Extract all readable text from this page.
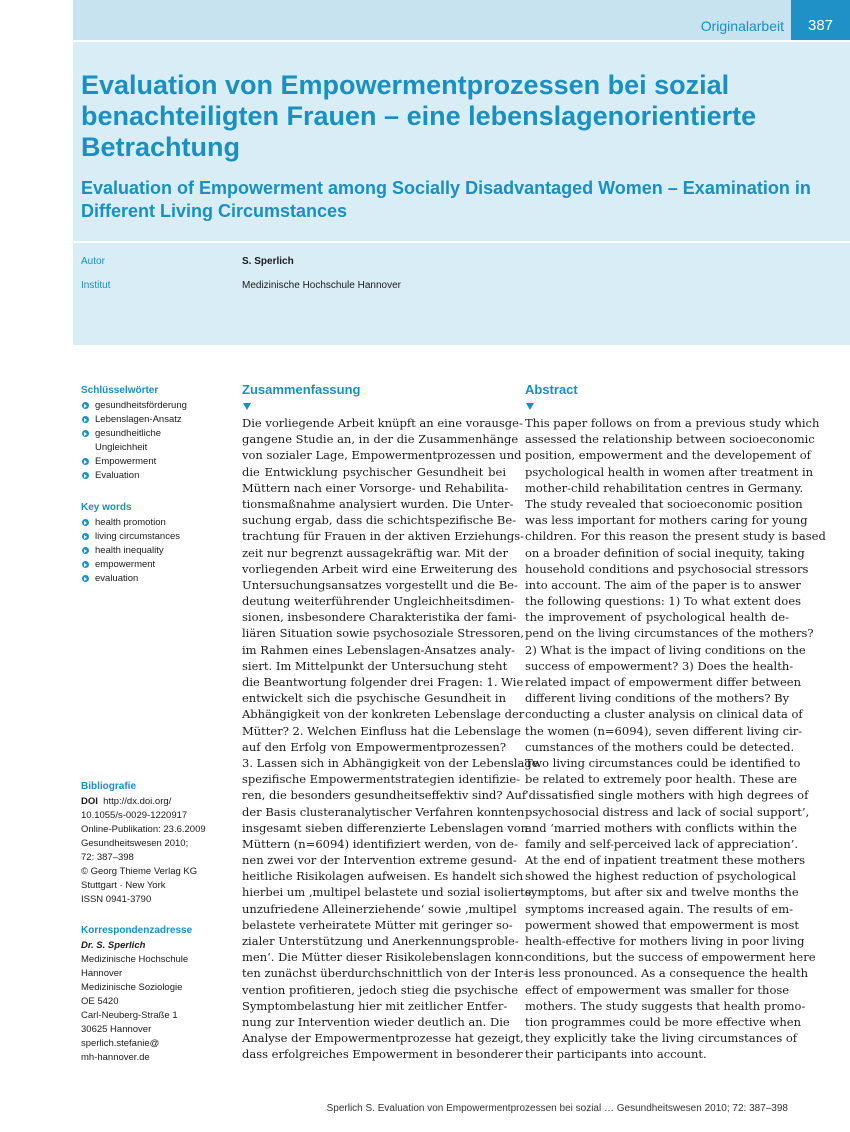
Originalarbeit	387
Evaluation von Empowermentprozessen bei sozial benachteiligten Frauen – eine lebenslagenorientierte Betrachtung
Evaluation of Empowerment among Socially Disadvantaged Women – Examination in Different Living Circumstances
Autor	S. Sperlich
Institut	Medizinische Hochschule Hannover
Schlüsselwörter
gesundheitsförderung
Lebenslagen-Ansatz
gesundheitliche
Ungleichheit
Empowerment
Evaluation
Key words
health promotion
living circumstances
health inequality
empowerment
evaluation
Bibliografie
DOI http://dx.doi.org/
10.1055/s-0029-1220917
Online-Publikation: 23.6.2009
Gesundheitswesen 2010;
72: 387–398
© Georg Thieme Verlag KG
Stuttgart · New York
ISSN 0941-3790
Korrespondenzadresse
Dr. S. Sperlich
Medizinische Hochschule
Hannover
Medizinische Soziologie
OE 5420
Carl-Neuberg-Straße 1
30625 Hannover
sperlich.stefanie@
mh-hannover.de
Zusammenfassung
Die vorliegende Arbeit knüpft an eine vorausge-
gangene Studie an, in der die Zusammenhänge
von sozialer Lage, Empowermentprozessen und
die Entwicklung psychischer Gesundheit bei
Müttern nach einer Vorsorge- und Rehabilita-
tionsmaßnahme analysiert wurden. Die Unter-
suchung ergab, dass die schichtspezifische Be-
trachtung für Frauen in der aktiven Erziehungs-
zeit nur begrenzt aussagekräftig war. Mit der
vorliegenden Arbeit wird eine Erweiterung des
Untersuchungsansatzes vorgestellt und die Be-
deutung weiterführender Ungleichheitsdimen-
sionen, insbesondere Charakteristika der fami-
liären Situation sowie psychosoziale Stressoren,
im Rahmen eines Lebenslagen-Ansatzes analy-
siert. Im Mittelpunkt der Untersuchung steht
die Beantwortung folgender drei Fragen: 1. Wie
entwickelt sich die psychische Gesundheit in
Abhängigkeit von der konkreten Lebenslage der
Mütter? 2. Welchen Einfluss hat die Lebenslage
auf den Erfolg von Empowermentprozessen?
3. Lassen sich in Abhängigkeit von der Lebenslage
spezifische Empowermentstrategien identifizie-
ren, die besonders gesundheitseffektiv sind? Auf
der Basis clusteranalytischer Verfahren konnten
insgesamt sieben differenzierte Lebenslagen von
Müttern (n=6094) identifiziert werden, von de-
nen zwei vor der Intervention extreme gesund-
heitliche Risikolagen aufweisen. Es handelt sich
hierbei um ‚multipel belastete und sozial isolierte
unzufriedene Alleinerziehende‘ sowie ‚multipel
belastete verheiratete Mütter mit geringer so-
zialer Unterstützung und Anerkennungsproble-
men‘. Die Mütter dieser Risikolebenslagen konn-
ten zunächst überdurchschnittlich von der Inter-
vention profitieren, jedoch stieg die psychische
Symptombelastung hier mit zeitlicher Entfer-
nung zur Intervention wieder deutlich an. Die
Analyse der Empowermentprozesse hat gezeigt,
dass erfolgreiches Empowerment in besonderer
Abstract
This paper follows on from a previous study which
assessed the relationship between socioeconomic
position, empowerment and the developement of
psychological health in women after treatment in
mother-child rehabilitation centres in Germany.
The study revealed that socioeconomic position
was less important for mothers caring for young
children. For this reason the present study is based
on a broader definition of social inequity, taking
household conditions and psychosocial stressors
into account. The aim of the paper is to answer
the following questions: 1) To what extent does
the improvement of psychological health de-
pend on the living circumstances of the mothers?
2) What is the impact of living conditions on the
success of empowerment? 3) Does the health-
related impact of empowerment differ between
different living conditions of the mothers? By
conducting a cluster analysis on clinical data of
the women (n=6094), seven different living cir-
cumstances of the mothers could be detected.
Two living circumstances could be identified to
be related to extremely poor health. These are
‘dissatisfied single mothers with high degrees of
psychosocial distress and lack of social support’,
and ‘married mothers with conflicts within the
family and self-perceived lack of appreciation’.
At the end of inpatient treatment these mothers
showed the highest reduction of psychological
symptoms, but after six and twelve months the
symptoms increased again. The results of em-
powerment showed that empowerment is most
health-effective for mothers living in poor living
conditions, but the success of empowerment here
is less pronounced. As a consequence the health
effect of empowerment was smaller for those
mothers. The study suggests that health promo-
tion programmes could be more effective when
they explicitly take the living circumstances of
their participants into account.
Sperlich S. Evaluation von Empowermentprozessen bei sozial … Gesundheitswesen 2010; 72: 387–398
